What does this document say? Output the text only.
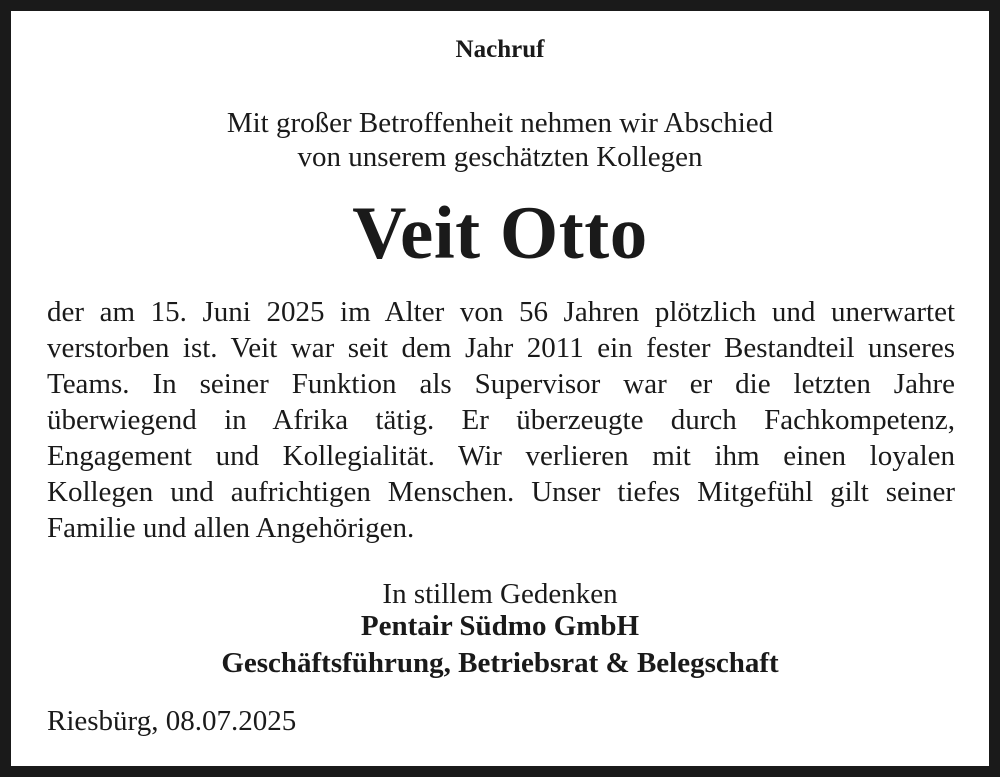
Nachruf
Mit großer Betroffenheit nehmen wir Abschied
von unserem geschätzten Kollegen
Veit Otto
der am 15. Juni 2025 im Alter von 56 Jahren plötzlich und unerwartet
verstorben ist. Veit war seit dem Jahr 2011 ein fester Bestandteil unseres
Teams. In seiner Funktion als Supervisor war er die letzten Jahre
überwiegend in Afrika tätig. Er überzeugte durch Fachkompetenz,
Engagement und Kollegialität. Wir verlieren mit ihm einen loyalen
Kollegen und aufrichtigen Menschen. Unser tiefes Mitgefühl gilt seiner
Familie und allen Angehörigen.
In stillem Gedenken
Pentair Südmo GmbH
Geschäftsführung, Betriebsrat & Belegschaft
Riesbürg, 08.07.2025
